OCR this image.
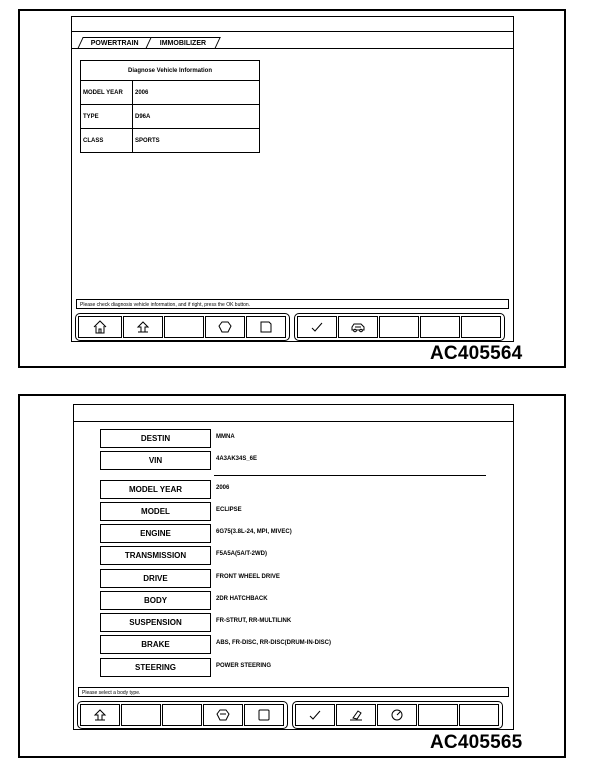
POWERTRAIN	IMMOBILIZER
Diagnose Vehicle Information	
MODEL YEAR	2006
TYPE	D96A
CLASS	SPORTS
Please check diagnosis vehicle information, and if right, press the OK button.
AC405564
DESTIN	MMNA
VIN	4A3AK34S_6E
MODEL YEAR	2006
MODEL	ECLIPSE
ENGINE	6G75(3.8L-24, MPI, MIVEC)
TRANSMISSION	F5A5A(5A/T-2WD)
DRIVE	FRONT WHEEL DRIVE
BODY	2DR HATCHBACK
SUSPENSION	FR-STRUT, RR-MULTILINK
BRAKE	ABS, FR-DISC, RR-DISC(DRUM-IN-DISC)
STEERING	POWER STEERING
Please select a body type.
AC405565
